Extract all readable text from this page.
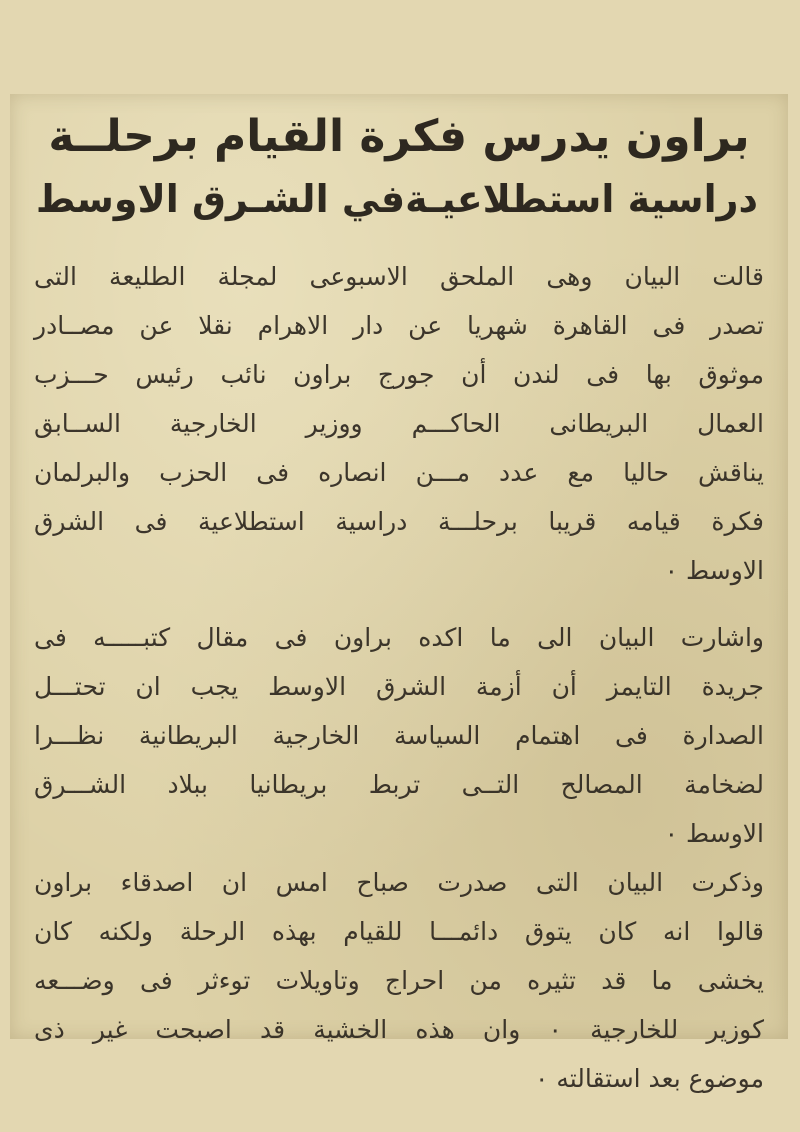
براون يدرس فكرة القيام برحلــة
دراسية استطلاعيـةفي الشـرق الاوسط
قالت البيان وهى الملحق الاسبوعى لمجلة الطليعة التى
تصدر فى القاهرة شهريا عن دار الاهرام نقلا عن مصــادر
موثوق بها فى لندن أن جورج براون نائب رئيس حـــزب
العمال البريطانى الحاكـــم ووزير الخارجية الســابق
يناقش حاليا مع عدد مـــن انصاره فى الحزب والبرلمان
فكرة قيامه قريبا برحلـــة دراسية استطلاعية فى الشرق
الاوسط ٠
واشارت البيان الى ما اكده براون فى مقال كتبـــــه فى
جريدة التايمز أن أزمة الشرق الاوسط يجب ان تحتـــل
الصدارة فى اهتمام السياسة الخارجية البريطانية نظـــرا
لضخامة المصالح التــى تربط بريطانيا ببلاد الشـــرق
الاوسط ٠
وذكرت البيان التى صدرت صباح امس ان اصدقاء براون
قالوا انه كان يتوق دائمـــا للقيام بهذه الرحلة ولكنه كان
يخشى ما قد تثيره من احراج وتاويلات توءثر فى وضـــعه
كوزير للخارجية ٠ وان هذه الخشية قد اصبحت غير ذى
موضوع بعد استقالته ٠
